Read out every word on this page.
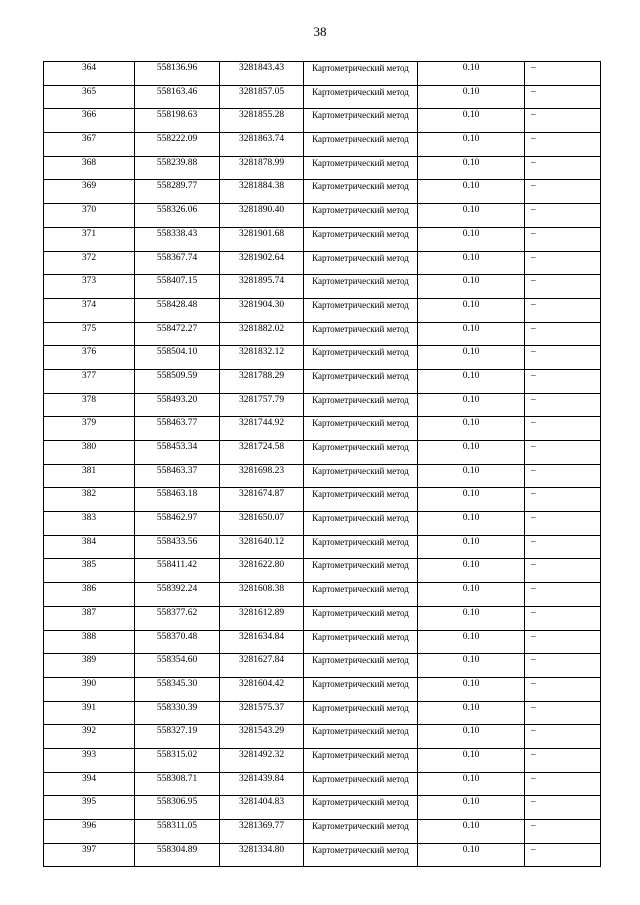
38
364	558136.96	3281843.43	Картометрический метод	0.10	–
365	558163.46	3281857.05	Картометрический метод	0.10	–
366	558198.63	3281855.28	Картометрический метод	0.10	–
367	558222.09	3281863.74	Картометрический метод	0.10	–
368	558239.88	3281878.99	Картометрический метод	0.10	–
369	558289.77	3281884.38	Картометрический метод	0.10	–
370	558326.06	3281890.40	Картометрический метод	0.10	–
371	558338.43	3281901.68	Картометрический метод	0.10	–
372	558367.74	3281902.64	Картометрический метод	0.10	–
373	558407.15	3281895.74	Картометрический метод	0.10	–
374	558428.48	3281904.30	Картометрический метод	0.10	–
375	558472.27	3281882.02	Картометрический метод	0.10	–
376	558504.10	3281832.12	Картометрический метод	0.10	–
377	558509.59	3281788.29	Картометрический метод	0.10	–
378	558493.20	3281757.79	Картометрический метод	0.10	–
379	558463.77	3281744.92	Картометрический метод	0.10	–
380	558453.34	3281724.58	Картометрический метод	0.10	–
381	558463.37	3281698.23	Картометрический метод	0.10	–
382	558463.18	3281674.87	Картометрический метод	0.10	–
383	558462.97	3281650.07	Картометрический метод	0.10	–
384	558433.56	3281640.12	Картометрический метод	0.10	–
385	558411.42	3281622.80	Картометрический метод	0.10	–
386	558392.24	3281608.38	Картометрический метод	0.10	–
387	558377.62	3281612.89	Картометрический метод	0.10	–
388	558370.48	3281634.84	Картометрический метод	0.10	–
389	558354.60	3281627.84	Картометрический метод	0.10	–
390	558345.30	3281604.42	Картометрический метод	0.10	–
391	558330.39	3281575.37	Картометрический метод	0.10	–
392	558327.19	3281543.29	Картометрический метод	0.10	–
393	558315.02	3281492.32	Картометрический метод	0.10	–
394	558308.71	3281439.84	Картометрический метод	0.10	–
395	558306.95	3281404.83	Картометрический метод	0.10	–
396	558311.05	3281369.77	Картометрический метод	0.10	–
397	558304.89	3281334.80	Картометрический метод	0.10	–
